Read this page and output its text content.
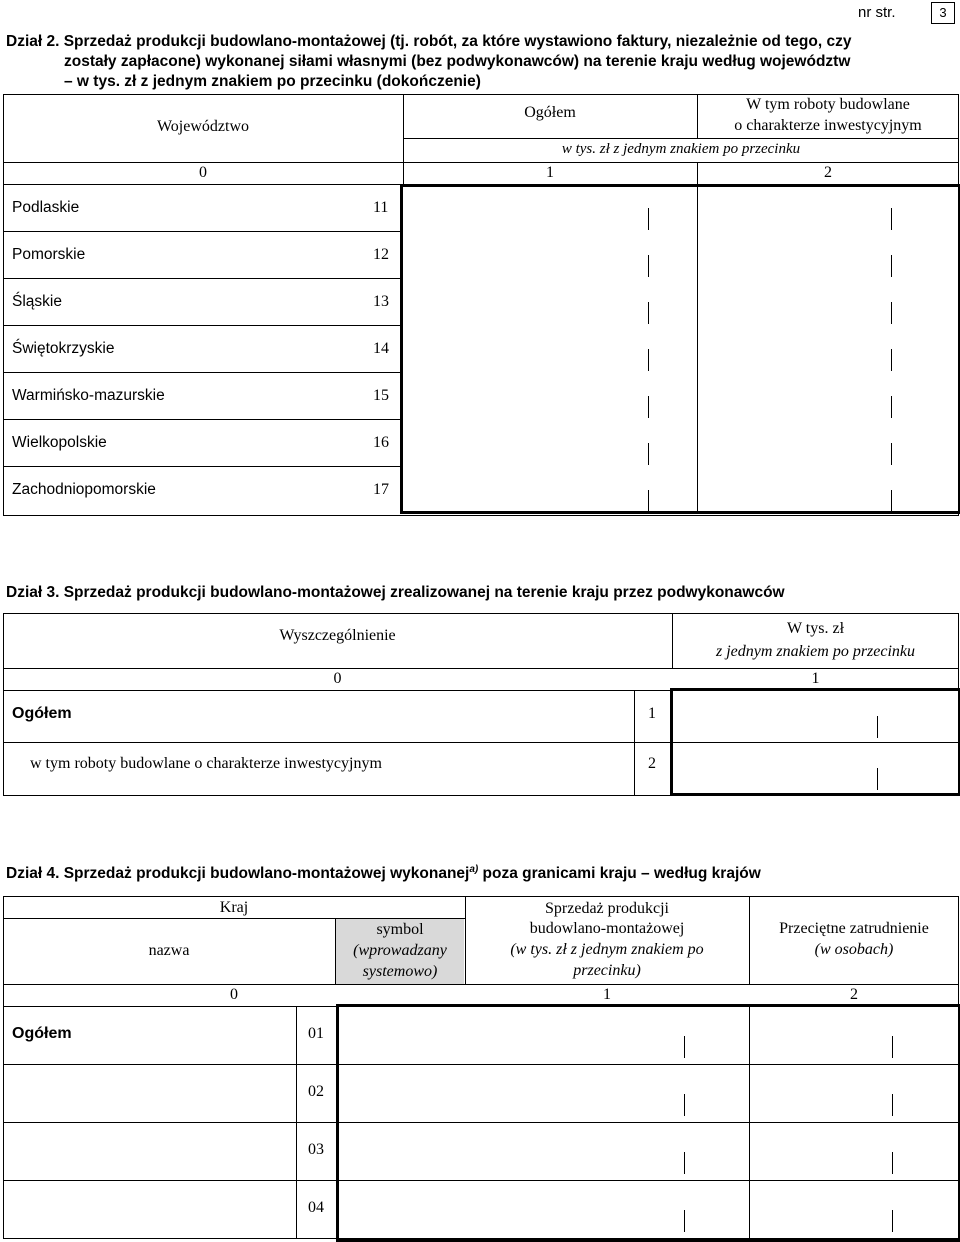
nr str.	3
Dział 2. Sprzedaż produkcji budowlano-montażowej (tj. robót, za które wystawiono faktury, niezależnie od tego, czy
zostały zapłacone) wykonanej siłami własnymi (bez podwykonawców) na terenie kraju według województw
– w tys. zł z jednym znakiem po przecinku (dokończenie)
Województwo
Ogółem	W tym roboty budowlane
o charakterze inwestycyjnym
w tys. zł z jednym znakiem po przecinku
0	1	2
Podlaskie	11
Pomorskie	12
Śląskie	13
Świętokrzyskie	14
Warmińsko-mazurskie	15
Wielkopolskie	16
Zachodniopomorskie	17
Dział 3. Sprzedaż produkcji budowlano-montażowej zrealizowanej na terenie kraju przez podwykonawców
Wyszczególnienie	W tys. zł
z jednym znakiem po przecinku
0	1
Ogółem	1
w tym roboty budowlane o charakterze inwestycyjnym	2
Dział 4. Sprzedaż produkcji budowlano-montażowej wykonanej$^{a)}$ poza granicami kraju – według krajów
Kraj
nazwa
symbol
(wprowadzany
systemowo)
Sprzedaż produkcji
budowlano-montażowej
(w tys. zł z jednym znakiem po
przecinku)
Przeciętne zatrudnienie
(w osobach)
0	1	2
Ogółem	01
02
03
04
